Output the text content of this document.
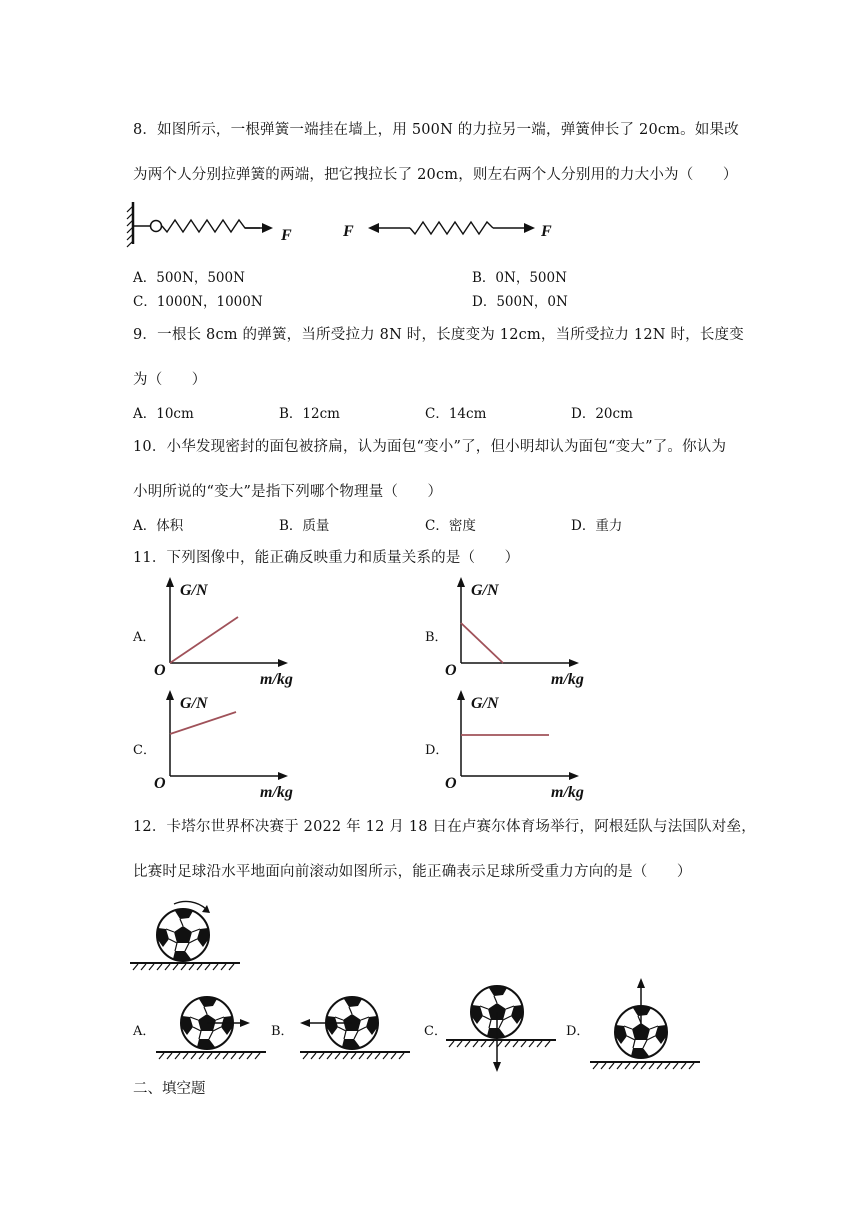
8．如图所示，一根弹簧一端挂在墙上，用 500N 的力拉另一端，弹簧伸长了 20cm。如果改
为两个人分别拉弹簧的两端，把它拽拉长了 20cm，则左右两个人分别用的力大小为（　　）
F	F	F
A．500N，500N	B．0N，500N
C．1000N，1000N	D．500N，0N
9．一根长 8cm 的弹簧，当所受拉力 8N 时，长度变为 12cm，当所受拉力 12N 时，长度变
为（　　）
A．10cm	B．12cm	C．14cm	D．20cm
10．小华发现密封的面包被挤扁，认为面包“变小”了，但小明却认为面包“变大”了。你认为
小明所说的“变大”是指下列哪个物理量（　　）
A．体积	B．质量	C．密度	D．重力
11．下列图像中，能正确反映重力和质量关系的是（　　）
A．	B．
C．	D．
G/N
O
m/kg
G/N
O
m/kg
G/N
O
m/kg
G/N
O
m/kg
12．卡塔尔世界杯决赛于 2022 年 12 月 18 日在卢赛尔体育场举行，阿根廷队与法国队对垒，
比赛时足球沿水平地面向前滚动如图所示，能正确表示足球所受重力方向的是（　　）
A．	B．	C．	D．
二、填空题
